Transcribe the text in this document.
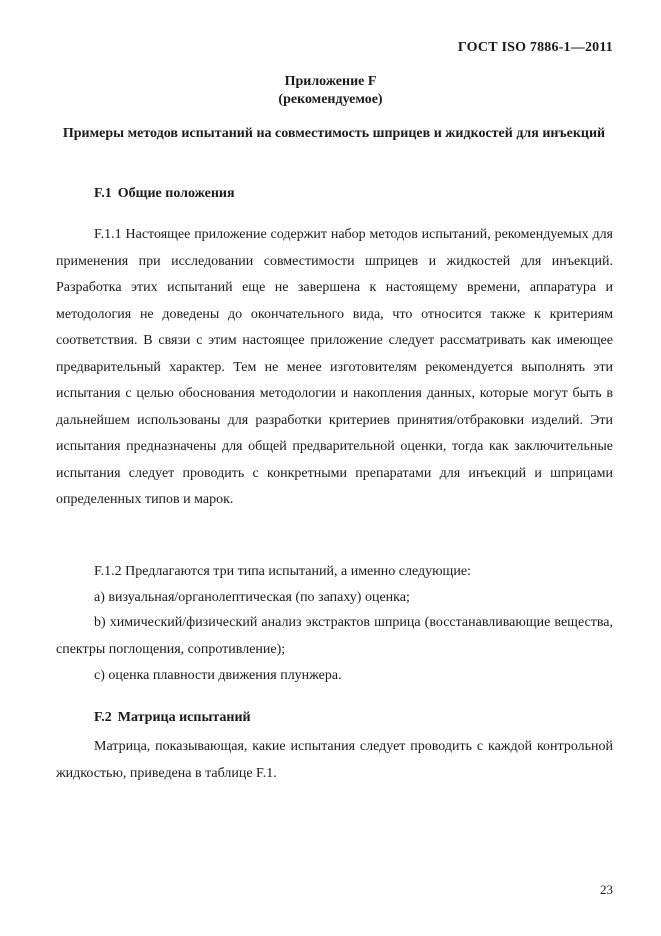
ГОСТ ISO 7886-1—2011
Приложение F
(рекомендуемое)
Примеры методов испытаний на совместимость шприцев и жидкостей для инъекций
F.1 Общие положения

F.1.1 Настоящее приложение содержит набор методов испытаний, рекомендуемых для применения при исследовании совместимости шприцев и жидкостей для инъекций. Разработка этих испытаний еще не завершена к настоящему времени, аппаратура и методология не доведены до окончательного вида, что относится также к критериям соответствия. В связи с этим настоящее приложение следует рассматривать как имеющее предварительный характер. Тем не менее изготовителям рекомендуется выполнять эти испытания с целью обоснования методологии и накопления данных, которые могут быть в дальнейшем использованы для разработки критериев принятия/отбраковки изделий. Эти испытания предназначены для общей предварительной оценки, тогда как заключительные испытания следует проводить с конкретными препаратами для инъекций и шприцами определенных типов и марок.

F.1.2 Предлагаются три типа испытаний, а именно следующие:
a) визуальная/органолептическая (по запаху) оценка;

b) химический/физический анализ экстрактов шприца (восстанавливающие вещества, спектры поглощения, сопротивление);

c) оценка плавности движения плунжера.
F.2 Матрица испытаний

Матрица, показывающая, какие испытания следует проводить с каждой контрольной жидкостью, приведена в таблице F.1.

23
